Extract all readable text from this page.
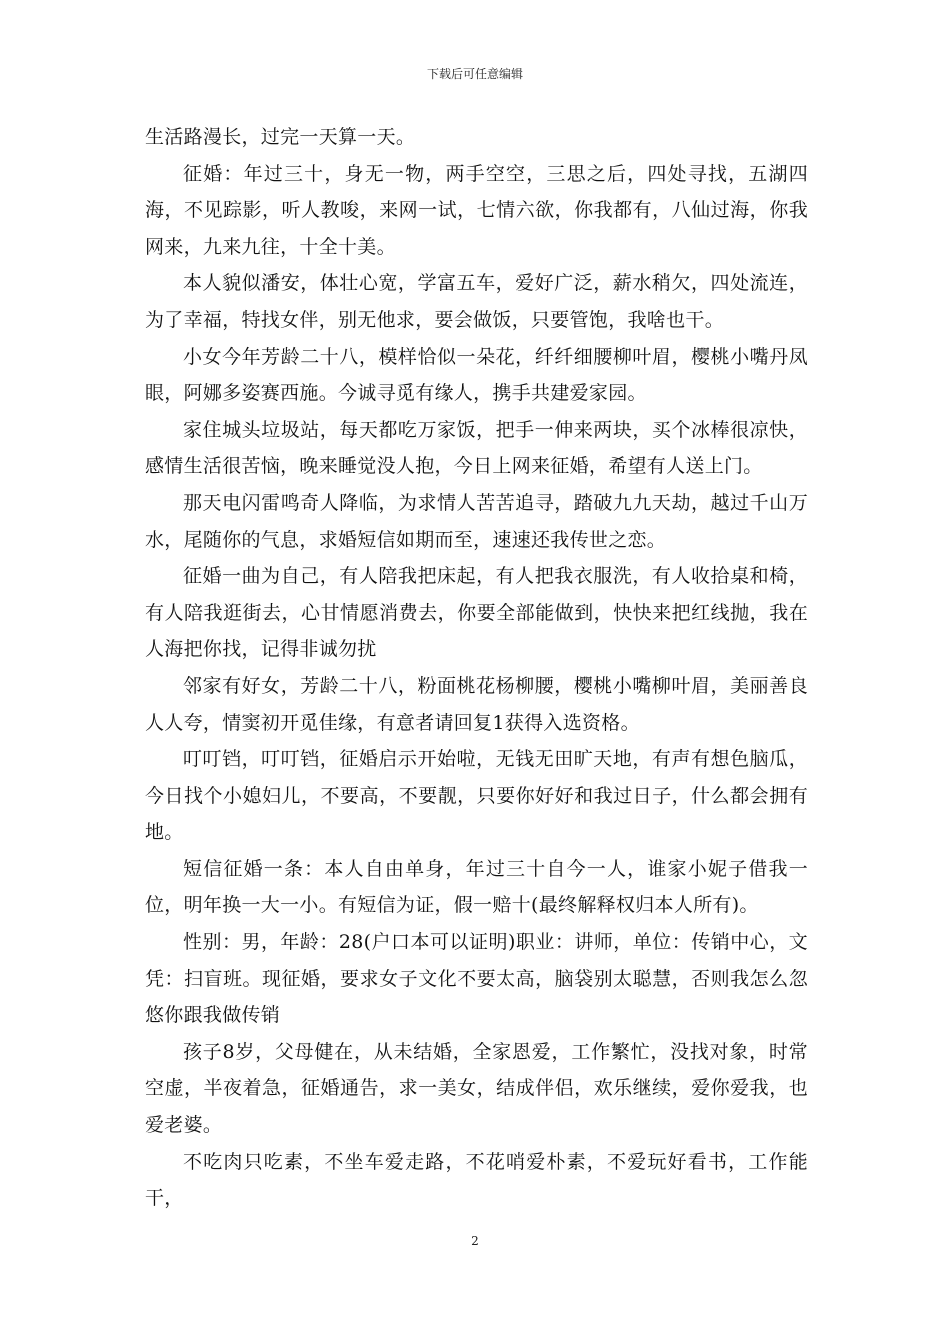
下载后可任意编辑

生活路漫长，过完一天算一天。

征婚：年过三十，身无一物，两手空空，三思之后，四处寻找，五湖四海，不见踪影，听人教唆，来网一试，七情六欲，你我都有，八仙过海，你我网来，九来九往，十全十美。

本人貌似潘安，体壮心宽，学富五车，爱好广泛，薪水稍欠，四处流连，为了幸福，特找女伴，别无他求，要会做饭，只要管饱，我啥也干。

小女今年芳龄二十八，模样恰似一朵花，纤纤细腰柳叶眉，樱桃小嘴丹凤眼，阿娜多姿赛西施。今诚寻觅有缘人，携手共建爱家园。

家住城头垃圾站，每天都吃万家饭，把手一伸来两块，买个冰棒很凉快，感情生活很苦恼，晚来睡觉没人抱，今日上网来征婚，希望有人送上门。

那天电闪雷鸣奇人降临，为求情人苦苦追寻，踏破九九天劫，越过千山万水，尾随你的气息，求婚短信如期而至，速速还我传世之恋。

征婚一曲为自己，有人陪我把床起，有人把我衣服洗，有人收拾桌和椅，有人陪我逛街去，心甘情愿消费去，你要全部能做到，快快来把红线抛，我在人海把你找，记得非诚勿扰

邻家有好女，芳龄二十八，粉面桃花杨柳腰，樱桃小嘴柳叶眉，美丽善良人人夸，情窦初开觅佳缘，有意者请回复1获得入选资格。

叮叮铛，叮叮铛，征婚启示开始啦，无钱无田旷天地，有声有想色脑瓜，今日找个小媳妇儿，不要高，不要靓，只要你好好和我过日子，什么都会拥有地。

短信征婚一条：本人自由单身，年过三十自今一人，谁家小妮子借我一位，明年换一大一小。有短信为证，假一赔十(最终解释权归本人所有)。

性别：男，年龄：28(户口本可以证明)职业：讲师，单位：传销中心，文凭：扫盲班。现征婚，要求女子文化不要太高，脑袋别太聪慧，否则我怎么忽悠你跟我做传销

孩子8岁，父母健在，从未结婚，全家恩爱，工作繁忙，没找对象，时常空虚，半夜着急，征婚通告，求一美女，结成伴侣，欢乐继续，爱你爱我，也爱老婆。

不吃肉只吃素，不坐车爱走路，不花哨爱朴素，不爱玩好看书，工作能干，

2
